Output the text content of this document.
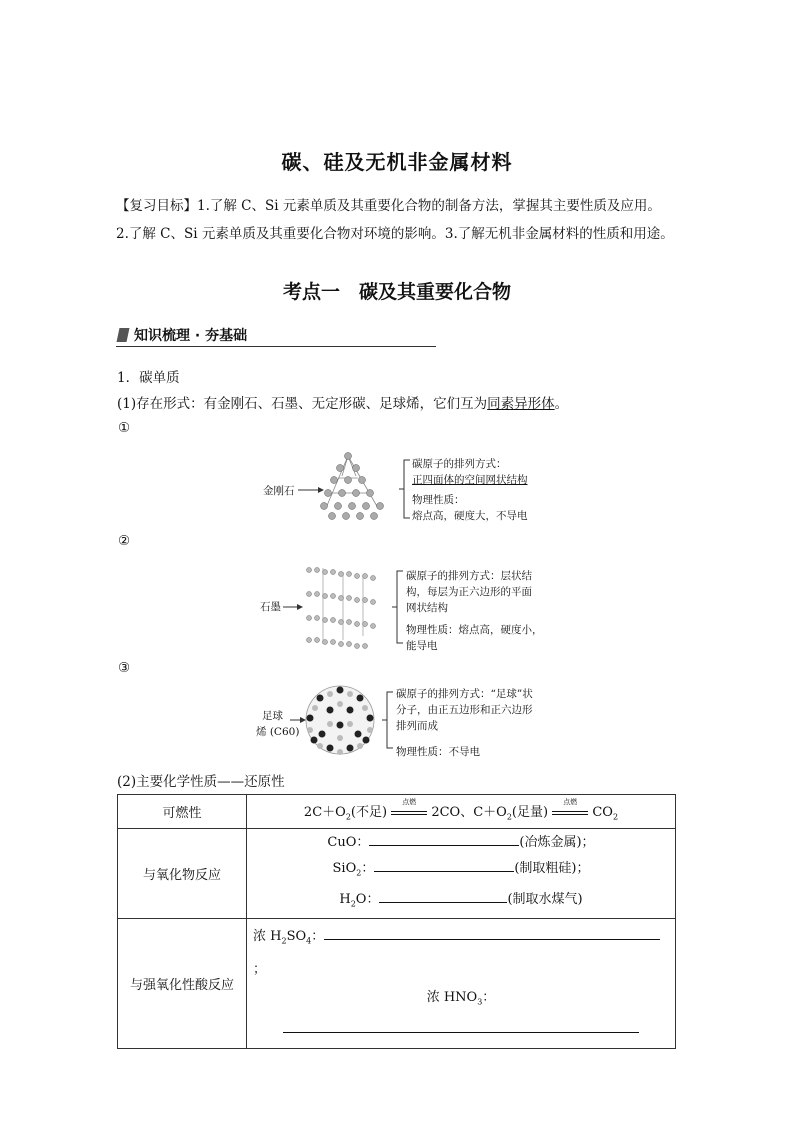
碳、硅及无机非金属材料
【复习目标】1.了解 C、Si 元素单质及其重要化合物的制备方法，掌握其主要性质及应用。
2.了解 C、Si 元素单质及其重要化合物对环境的影响。3.了解无机非金属材料的性质和用途。
考点一　碳及其重要化合物
知识梳理 · 夯基础
1．碳单质
(1)存在形式：有金刚石、石墨、无定形碳、足球烯，它们互为同素异形体。
①
金刚石
碳原子的排列方式：
正四面体的空间网状结构
物理性质：
熔点高，硬度大，不导电
②
石墨
碳原子的排列方式：层状结
构，每层为正六边形的平面
网状结构
物理性质：熔点高，硬度小，
能导电
③
足球
烯 (C60)
碳原子的排列方式：“足球”状
分子，由正五边形和正六边形
排列而成
物理性质：不导电
(2)主要化学性质——还原性
可燃性	$2C+O_2$(不足)
点燃
2CO、$C+O_2$(足量)
点燃
$CO_2$
与氧化物反应	CuO： (冶炼金属)；
SiO$_2$： (制取粗硅)；
$H_2O$： (制取水煤气)

与强氧化性酸反应	浓 $H_2SO_4$：；
浓 $HNO_3$：
